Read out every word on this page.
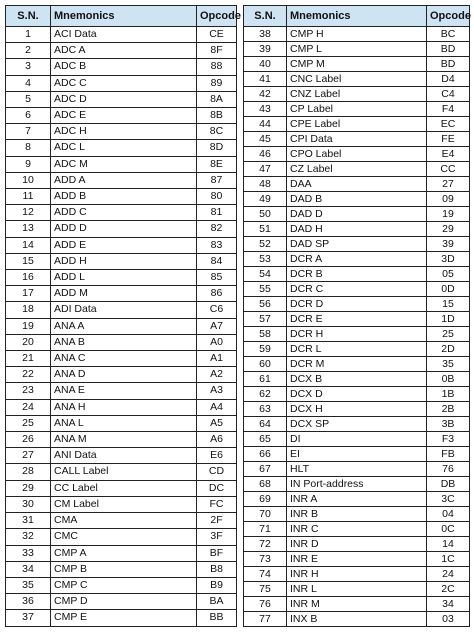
S.N.	Mnemonics	Opcode
1	ACI Data	CE
2	ADC A	8F
3	ADC B	88
4	ADC C	89
5	ADC D	8A
6	ADC E	8B
7	ADC H	8C
8	ADC L	8D
9	ADC M	8E
10	ADD A	87
11	ADD B	80
12	ADD C	81
13	ADD D	82
14	ADD E	83
15	ADD H	84
16	ADD L	85
17	ADD M	86
18	ADI Data	C6
19	ANA A	A7
20	ANA B	A0
21	ANA C	A1
22	ANA D	A2
23	ANA E	A3
24	ANA H	A4
25	ANA L	A5
26	ANA M	A6
27	ANI Data	E6
28	CALL Label	CD
29	CC Label	DC
30	CM Label	FC
31	CMA	2F
32	CMC	3F
33	CMP A	BF
34	CMP B	B8
35	CMP C	B9
36	CMP D	BA
37	CMP E	BB
S.N.	Mnemonics	Opcode
38	CMP H	BC
39	CMP L	BD
40	CMP M	BD
41	CNC Label	D4
42	CNZ Label	C4
43	CP Label	F4
44	CPE Label	EC
45	CPI Data	FE
46	CPO Label	E4
47	CZ Label	CC
48	DAA	27
49	DAD B	09
50	DAD D	19
51	DAD H	29
52	DAD SP	39
53	DCR A	3D
54	DCR B	05
55	DCR C	0D
56	DCR D	15
57	DCR E	1D
58	DCR H	25
59	DCR L	2D
60	DCR M	35
61	DCX B	0B
62	DCX D	1B
63	DCX H	2B
64	DCX SP	3B
65	DI	F3
66	EI	FB
67	HLT	76
68	IN Port-address	DB
69	INR A	3C
70	INR B	04
71	INR C	0C
72	INR D	14
73	INR E	1C
74	INR H	24
75	INR L	2C
76	INR M	34
77	INX B	03
